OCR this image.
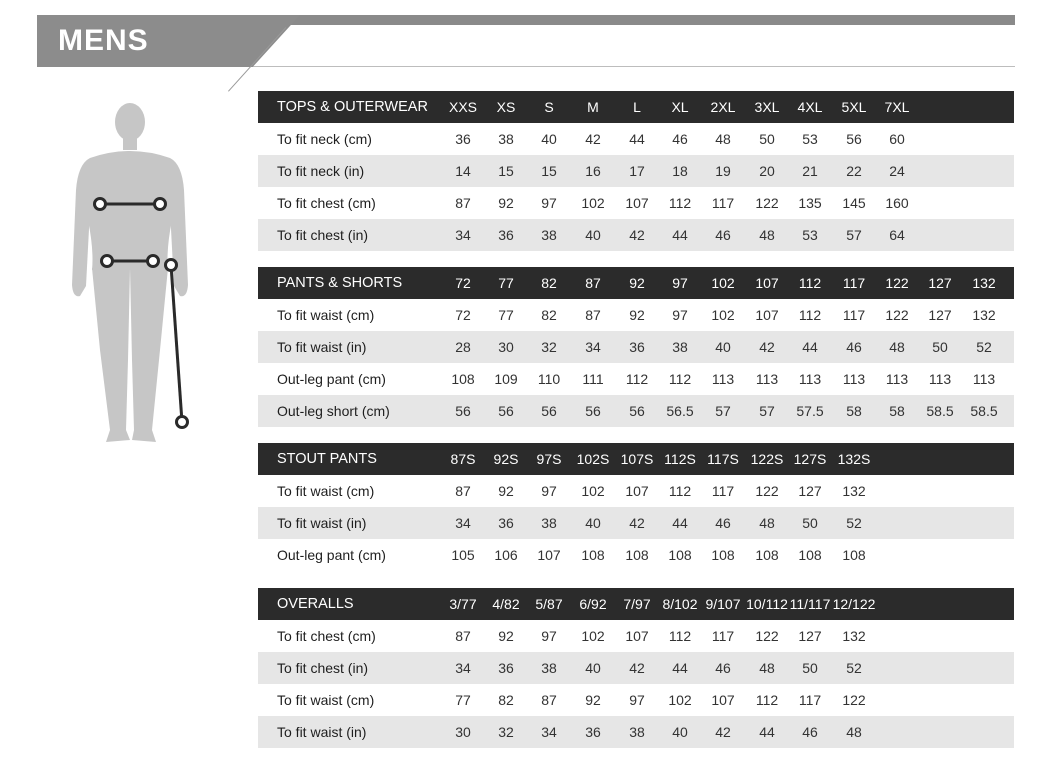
MENS
TOPS & OUTERWEAR	XXS	XS	S	M	L	XL	2XL	3XL	4XL	5XL	7XL
To fit neck (cm)	36	38	40	42	44	46	48	50	53	56	60
To fit neck (in)	14	15	15	16	17	18	19	20	21	22	24
To fit chest (cm)	87	92	97	102	107	112	117	122	135	145	160
To fit chest (in)	34	36	38	40	42	44	46	48	53	57	64
PANTS & SHORTS	72	77	82	87	92	97	102	107	112	117	122	127	132
To fit waist (cm)	72	77	82	87	92	97	102	107	112	117	122	127	132
To fit waist (in)	28	30	32	34	36	38	40	42	44	46	48	50	52
Out-leg pant (cm)	108	109	110	111	112	112	113	113	113	113	113	113	113
Out-leg short (cm)	56	56	56	56	56	56.5	57	57	57.5	58	58	58.5	58.5
STOUT PANTS	87S	92S	97S	102S 107S 112S 117S 122S 127S 132S
To fit waist (cm)	87	92	97	102	107	112	117	122	127	132
To fit waist (in)	34	36	38	40	42	44	46	48	50	52
Out-leg pant (cm)	105	106	107	108	108	108	108	108	108	108
OVERALLS	3/77	4/82	5/87	6/92	7/97 8/102 9/107 10/112 11/117 12/122
To fit chest (cm)	87	92	97	102	107	112	117	122	127	132
To fit chest (in)	34	36	38	40	42	44	46	48	50	52
To fit waist (cm)	77	82	87	92	97	102	107	112	117	122
To fit waist (in)	30	32	34	36	38	40	42	44	46	48
